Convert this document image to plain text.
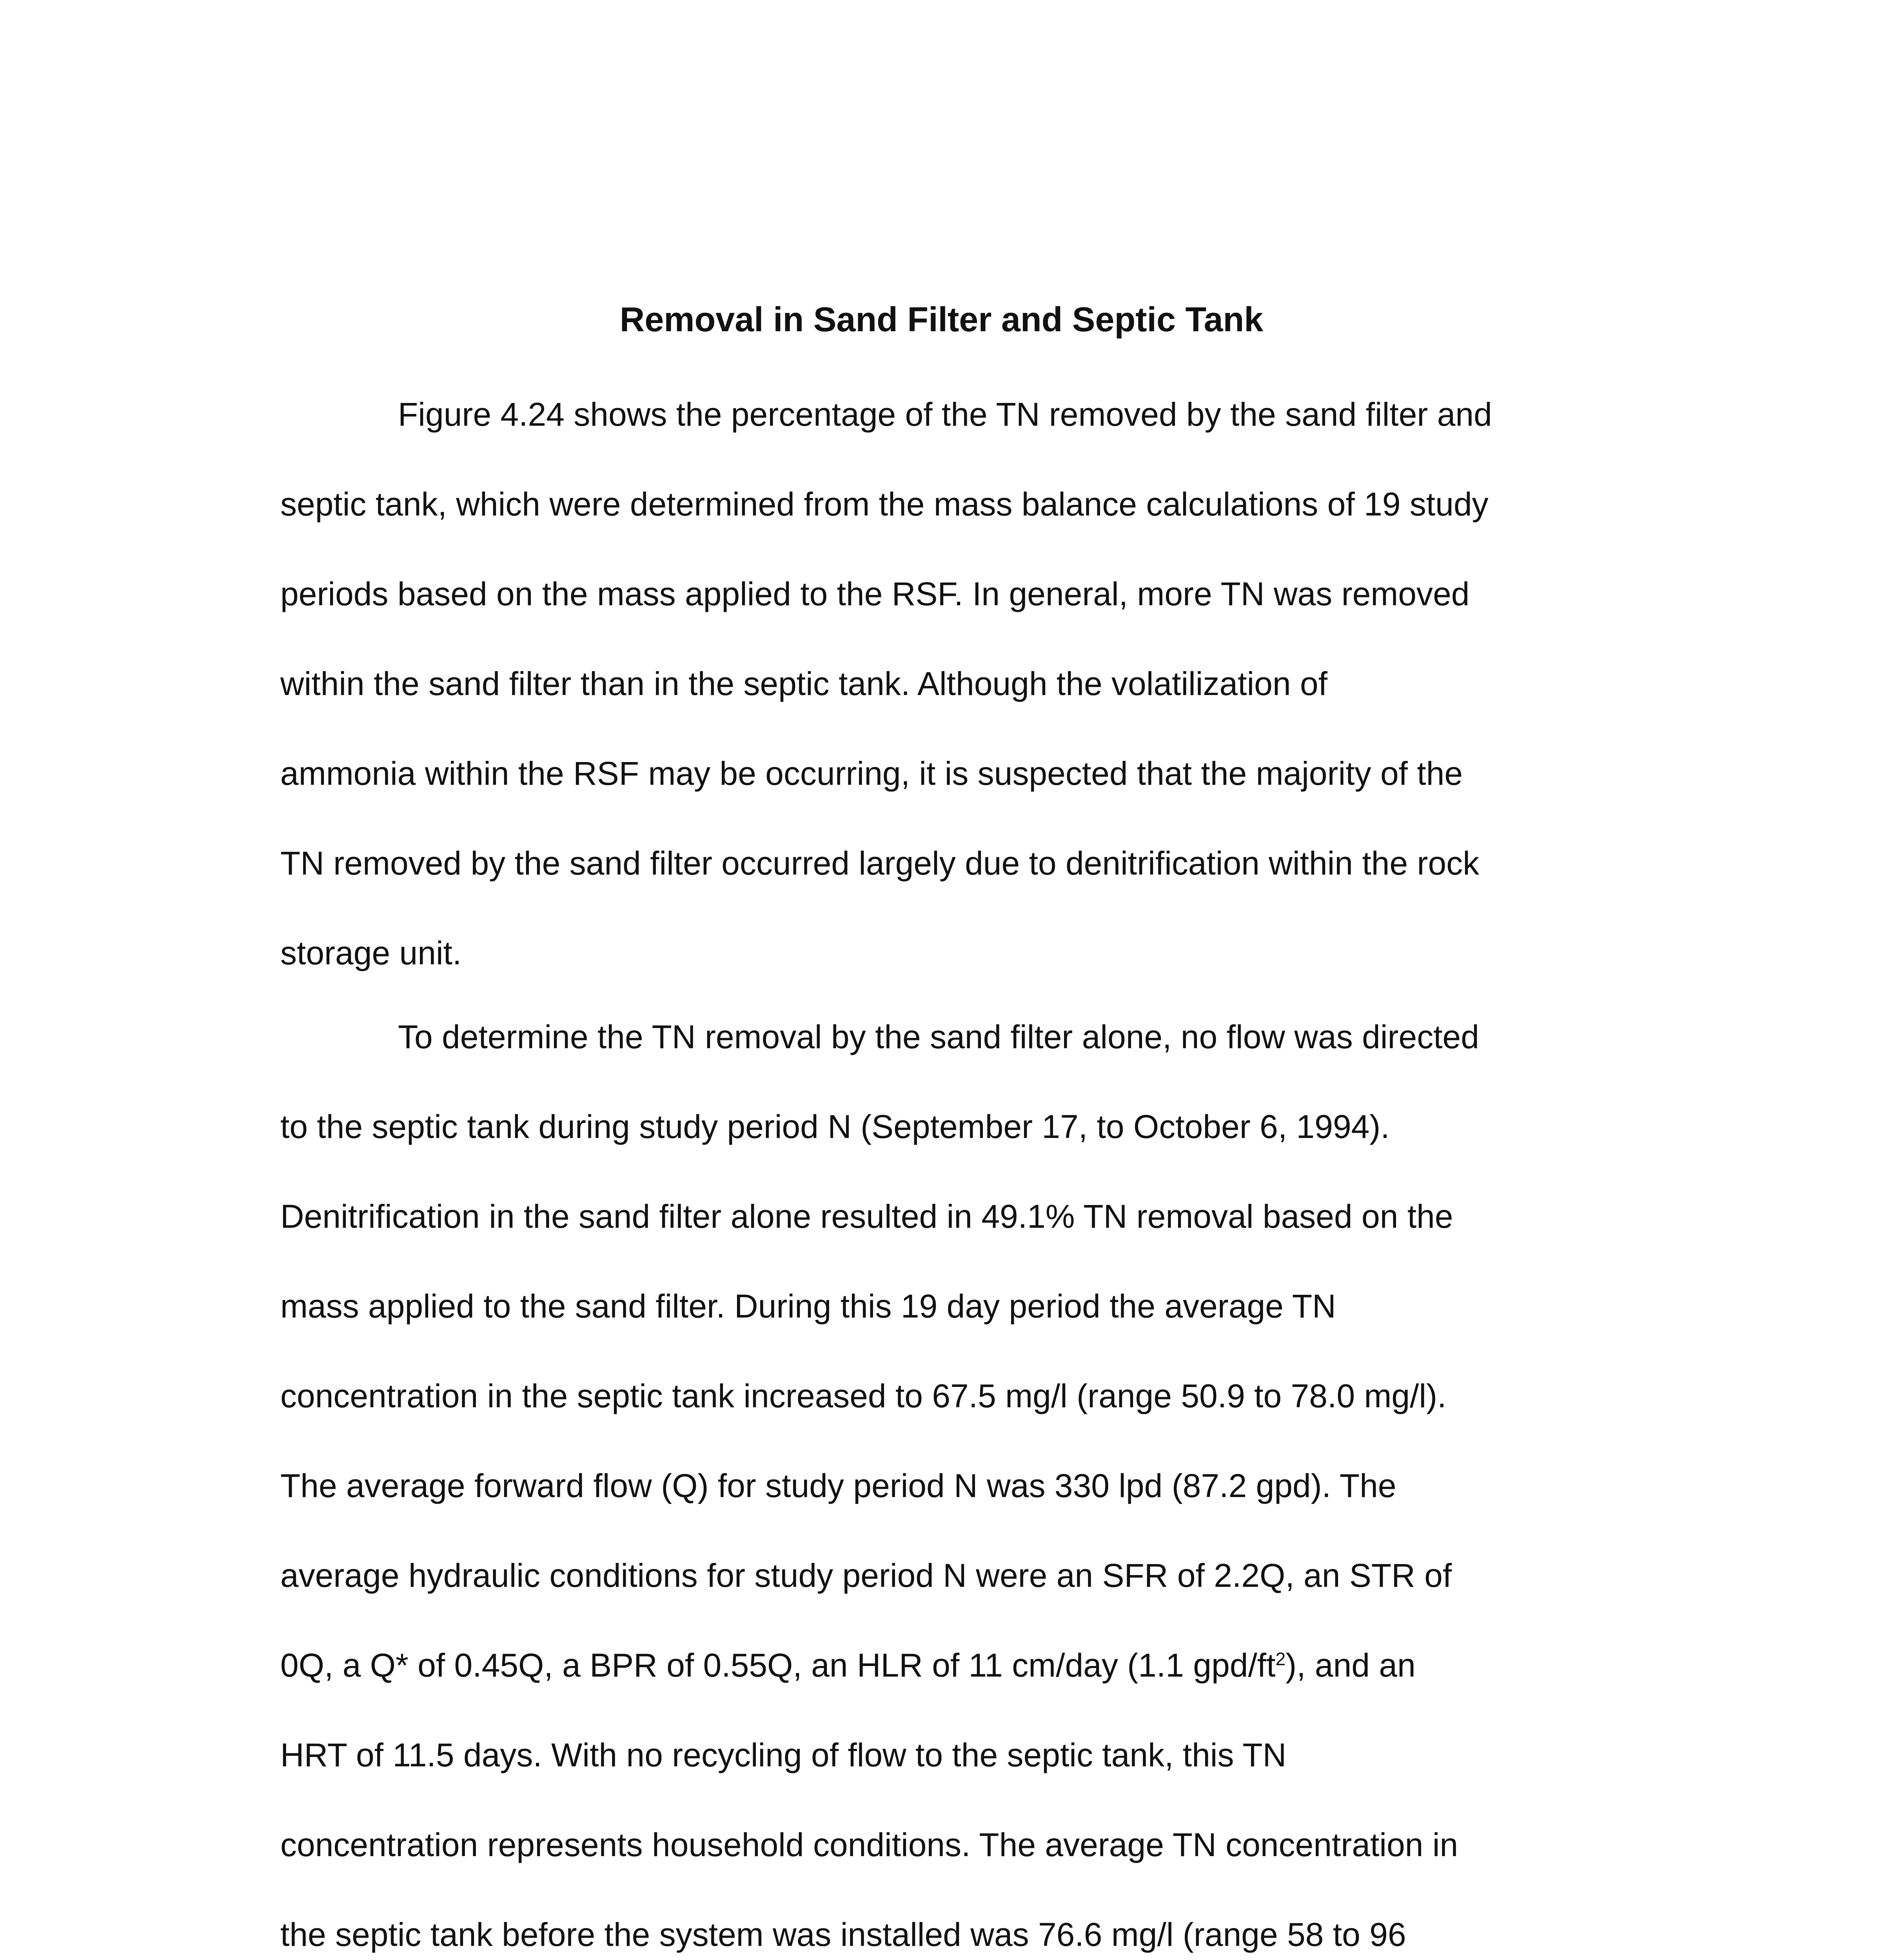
Removal in Sand Filter and Septic Tank

Figure 4.24 shows the percentage of the TN removed by the sand filter and
septic tank, which were determined from the mass balance calculations of 19 study
periods based on the mass applied to the RSF. In general, more TN was removed
within the sand filter than in the septic tank. Although the volatilization of
ammonia within the RSF may be occurring, it is suspected that the majority of the
TN removed by the sand filter occurred largely due to denitrification within the rock
storage unit.

To determine the TN removal by the sand filter alone, no flow was directed
to the septic tank during study period N (September 17, to October 6, 1994).
Denitrification in the sand filter alone resulted in 49.1% TN removal based on the
mass applied to the sand filter. During this 19 day period the average TN
concentration in the septic tank increased to 67.5 mg/l (range 50.9 to 78.0 mg/l).
The average forward flow (Q) for study period N was 330 lpd (87.2 gpd). The
average hydraulic conditions for study period N were an SFR of 2.2Q, an STR of
0Q, a Q* of 0.45Q, a BPR of 0.55Q, an HLR of 11 cm/day (1.1 gpd/$ft^2$), and an
HRT of 11.5 days. With no recycling of flow to the septic tank, this TN
concentration represents household conditions. The average TN concentration in
the septic tank before the system was installed was 76.6 mg/l (range 58 to 96
